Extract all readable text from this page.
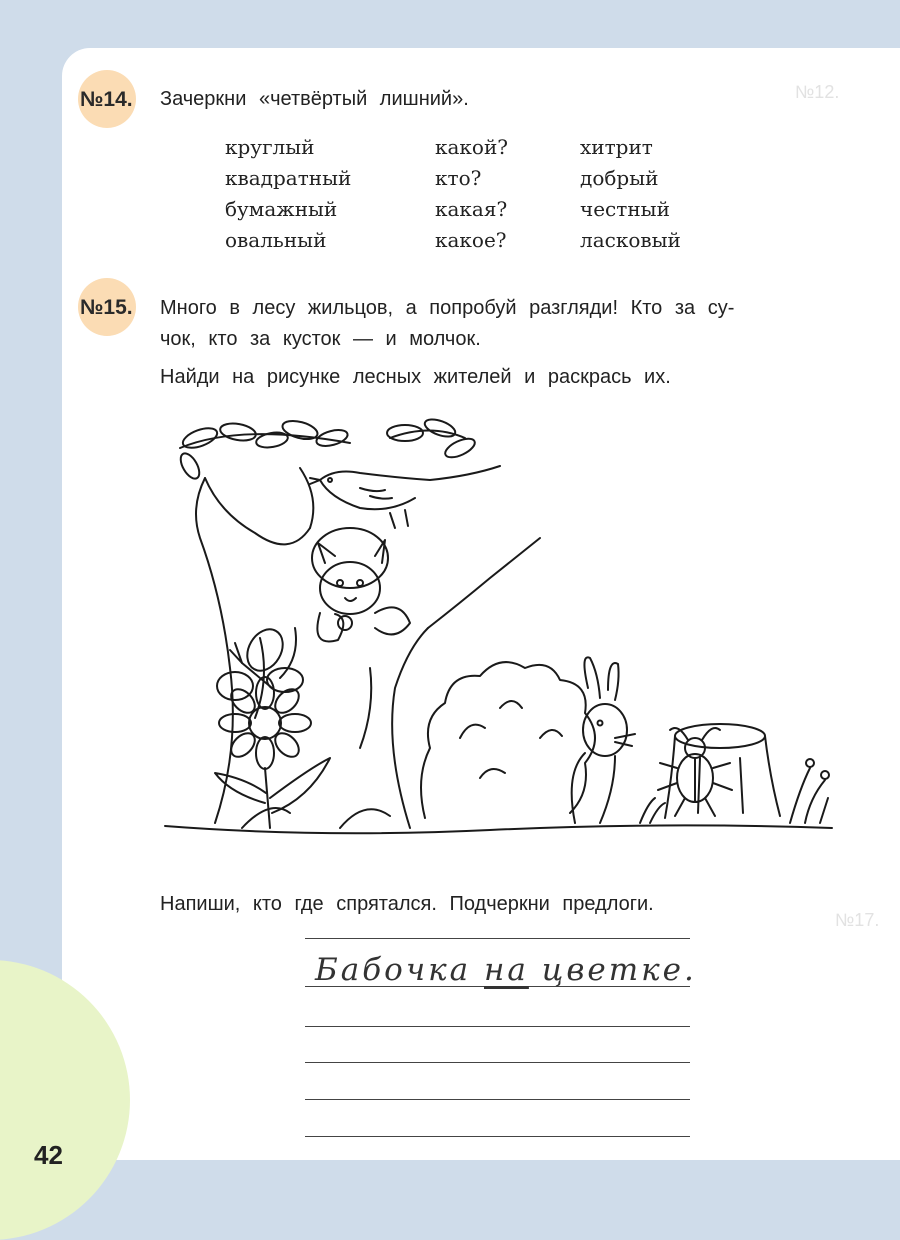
42
№12.
№17.
№14. Зачеркни «четвёртый лишний».
круглый
квадратный
бумажный
овальный
какой?
кто?
какая?
какое?
хитрит
добрый
честный
ласковый
№15. Много в лесу жильцов, а попробуй разгляди! Кто за су-
чок, кто за кусток — и молчок.
Найди на рисунке лесных жителей и раскрась их.
Напиши, кто где спрятался. Подчеркни предлоги.
Бабочка на цветке.
